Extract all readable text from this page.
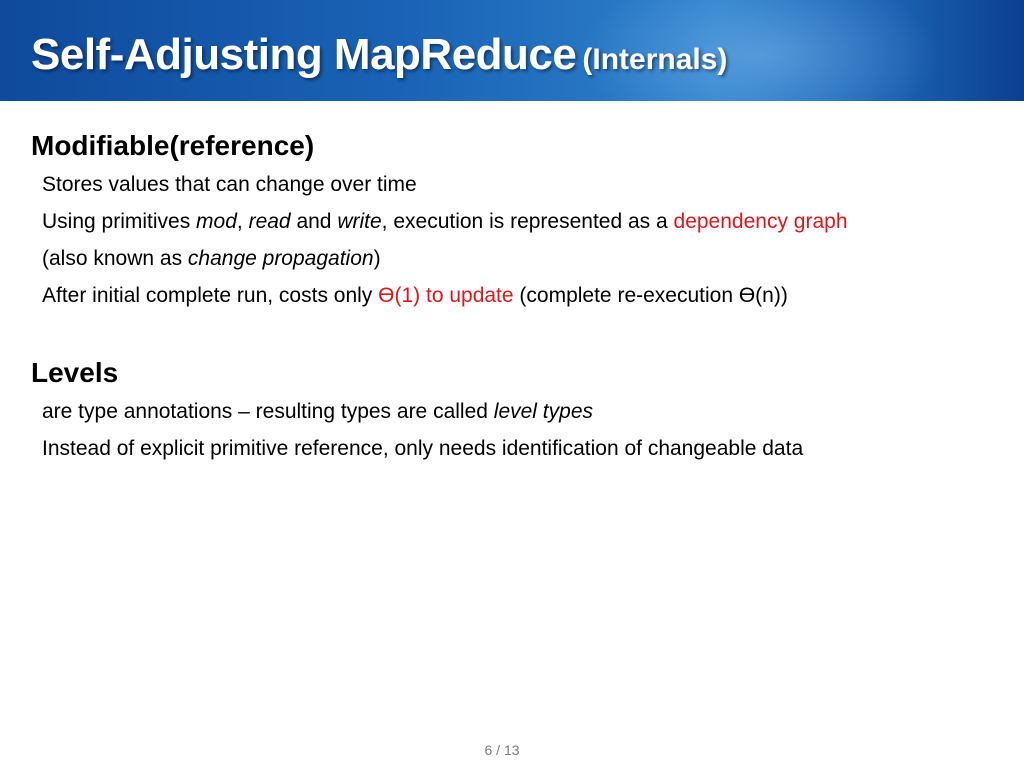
Self-Adjusting MapReduce (Internals)

Modifiable(reference)

Stores values that can change over time

Using primitives mod, read and write, execution is represented as a dependency graph

(also known as change propagation)

After initial complete run, costs only Ө(1) to update (complete re-execution Ө(n))

Levels

are type annotations – resulting types are called level types

Instead of explicit primitive reference, only needs identification of changeable data

6 / 13
